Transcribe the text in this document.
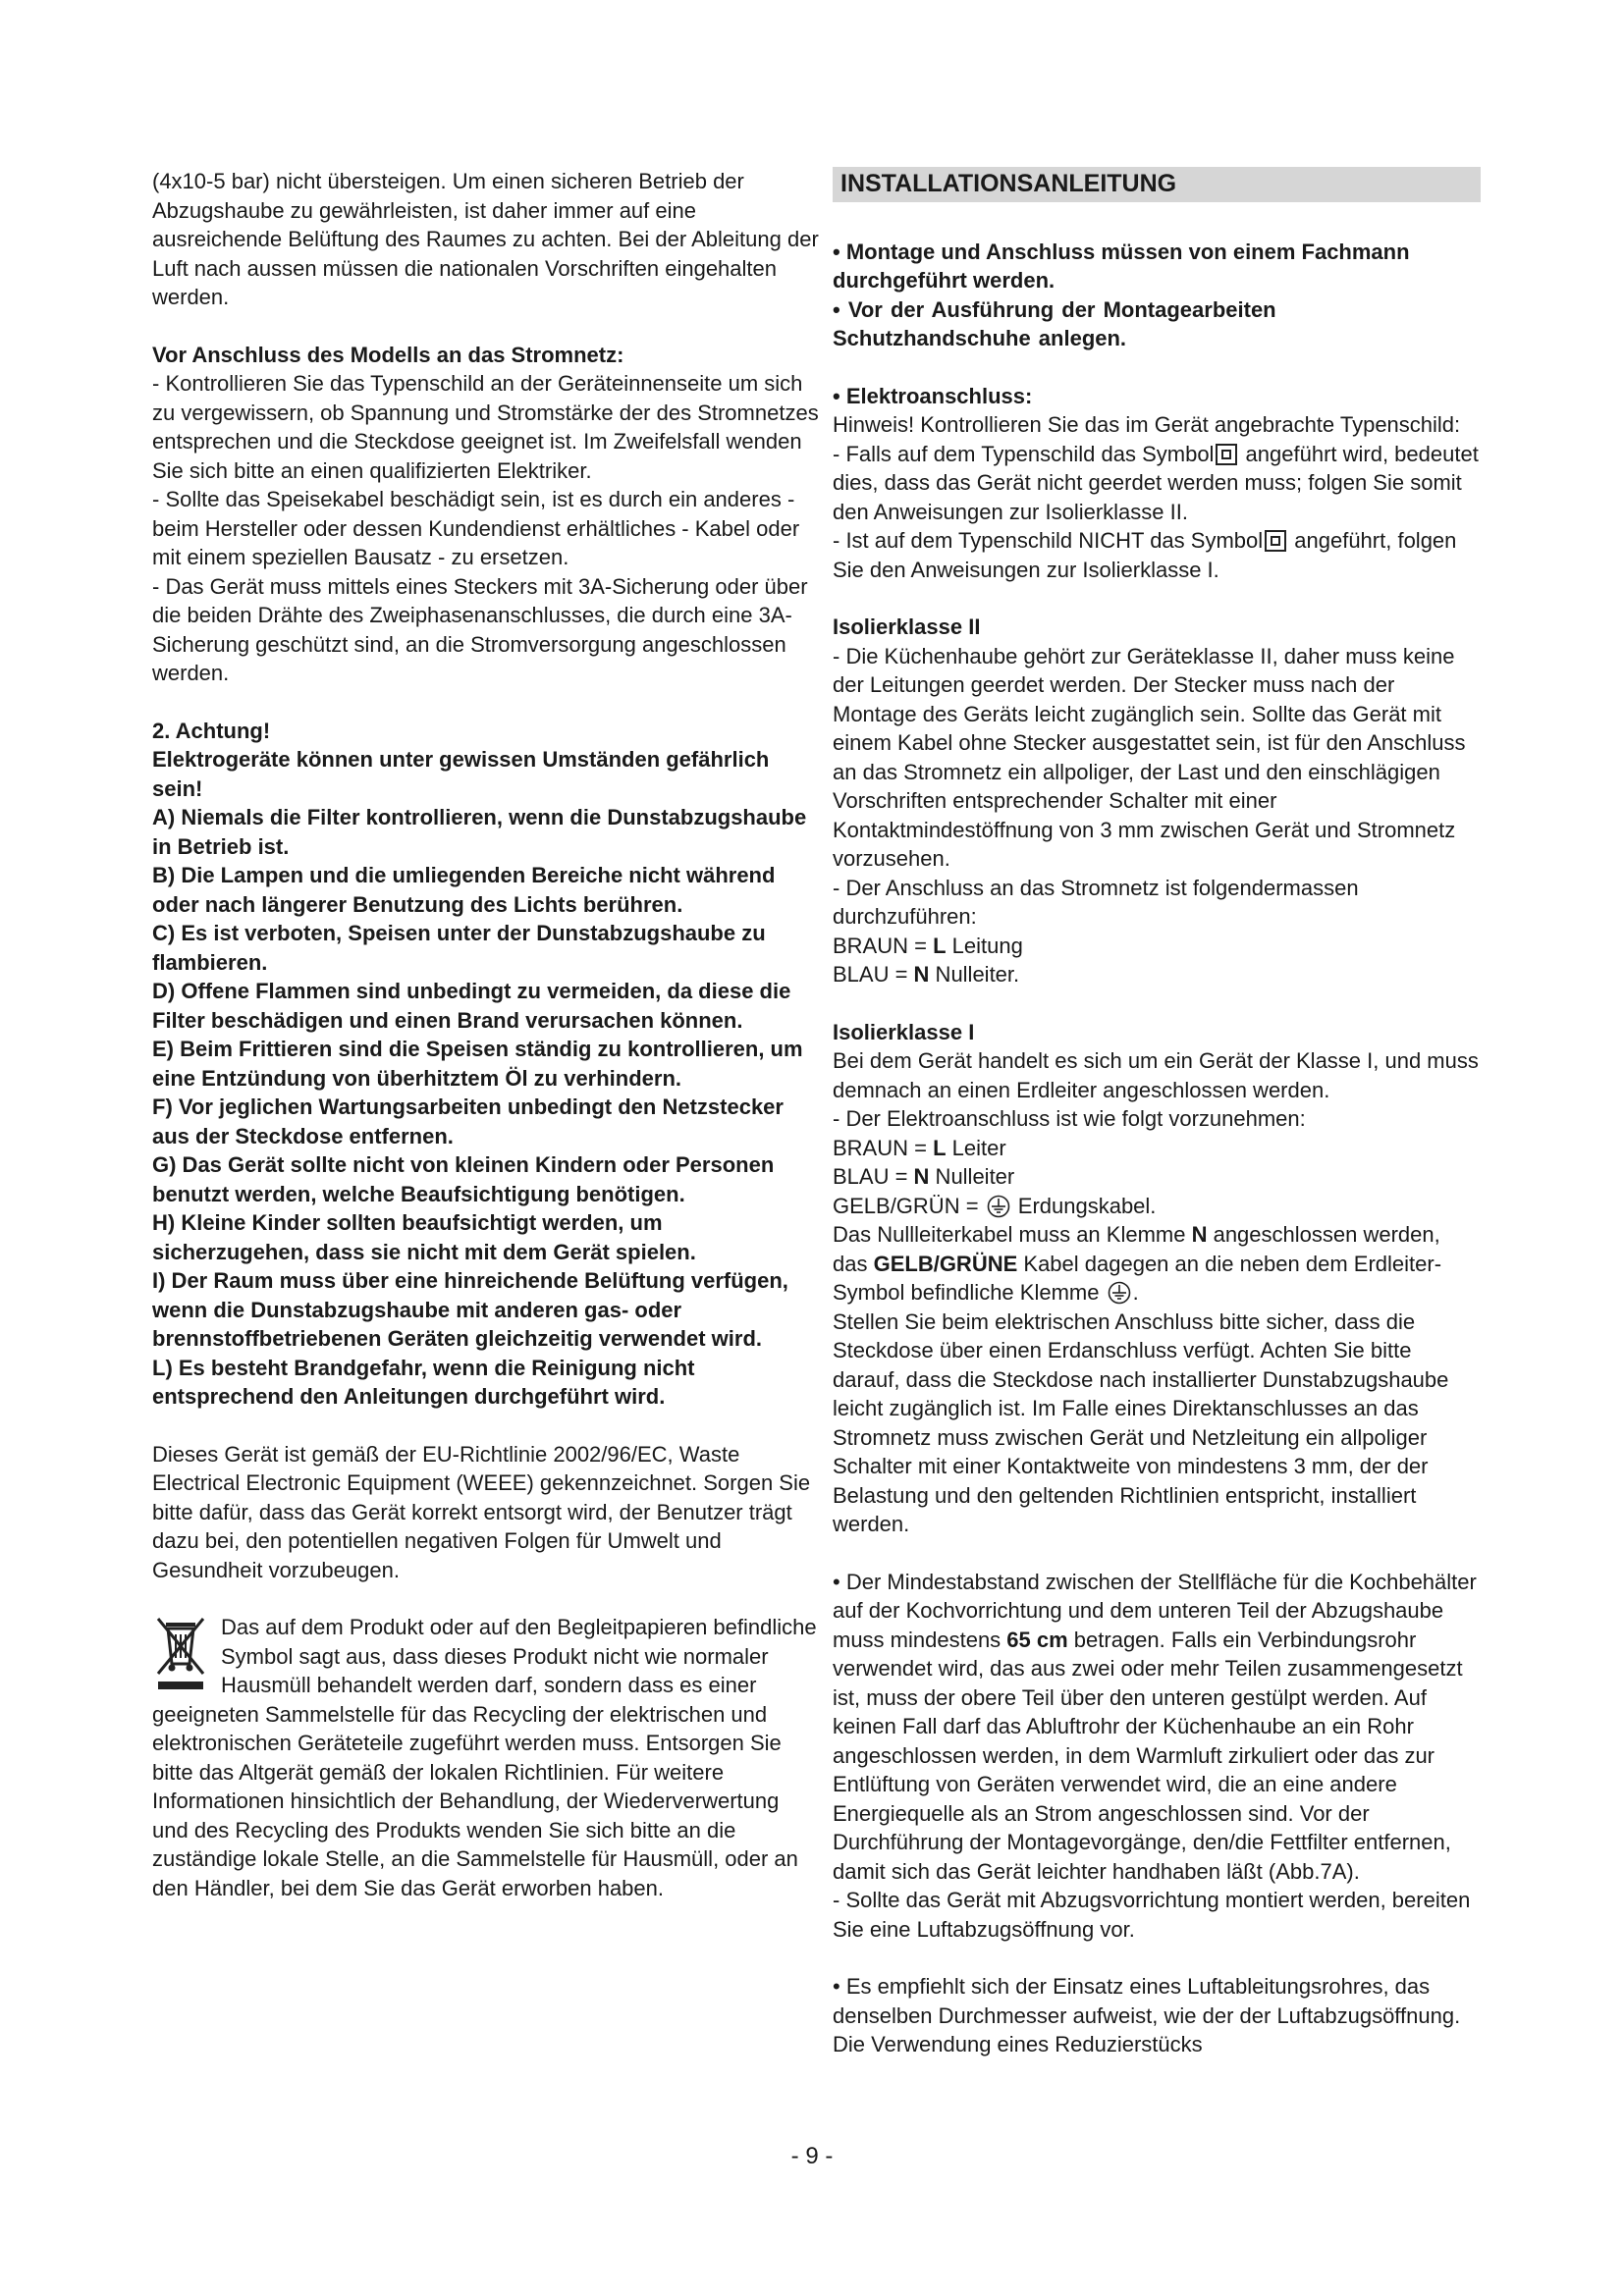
(4x10-5 bar) nicht übersteigen. Um einen sicheren Betrieb der Abzugshaube zu gewährleisten, ist daher immer auf eine ausreichende Belüftung des Raumes zu achten. Bei der Ableitung der Luft nach aussen müssen die nationalen Vorschriften eingehalten werden.

Vor Anschluss des Modells an das Stromnetz:

- Kontrollieren Sie das Typenschild an der Geräteinnenseite um sich zu vergewissern, ob Spannung und Stromstärke der des Stromnetzes entsprechen und die Steckdose geeignet ist. Im Zweifelsfall wenden Sie sich bitte an einen qualifizierten Elektriker.

- Sollte das Speisekabel beschädigt sein, ist es durch ein anderes - beim Hersteller oder dessen Kundendienst erhältliches - Kabel oder mit einem speziellen Bausatz - zu ersetzen.

- Das Gerät muss mittels eines Steckers mit 3A-Sicherung oder über die beiden Drähte des Zweiphasenanschlusses, die durch eine 3A-Sicherung geschützt sind, an die Stromversorgung angeschlossen werden.

2. Achtung!

Elektrogeräte können unter gewissen Umständen gefährlich sein!

A) Niemals die Filter kontrollieren, wenn die Dunstabzugshaube in Betrieb ist.

B) Die Lampen und die umliegenden Bereiche nicht während oder nach längerer Benutzung des Lichts berühren.

C) Es ist verboten, Speisen unter der Dunstabzugshaube zu flambieren.

D) Offene Flammen sind unbedingt zu vermeiden, da diese die Filter beschädigen und einen Brand verursachen können.

E) Beim Frittieren sind die Speisen ständig zu kontrollieren, um eine Entzündung von überhitztem Öl zu verhindern.

F) Vor jeglichen Wartungsarbeiten unbedingt den Netzstecker aus der Steckdose entfernen.

G) Das Gerät sollte nicht von kleinen Kindern oder Personen benutzt werden, welche Beaufsichtigung benötigen.

H) Kleine Kinder sollten beaufsichtigt werden, um sicherzugehen, dass sie nicht mit dem Gerät spielen.

I) Der Raum muss über eine hinreichende Belüftung verfügen, wenn die Dunstabzugshaube mit anderen gas- oder brennstoffbetriebenen Geräten gleichzeitig verwendet wird.

L) Es besteht Brandgefahr, wenn die Reinigung nicht entsprechend den Anleitungen durchgeführt wird.

Dieses Gerät ist gemäß der EU-Richtlinie 2002/96/EC, Waste Electrical Electronic Equipment (WEEE) gekennzeichnet. Sorgen Sie bitte dafür, dass das Gerät korrekt entsorgt wird, der Benutzer trägt dazu bei, den potentiellen negativen Folgen für Umwelt und Gesundheit vorzubeugen.

Das auf dem Produkt oder auf den Begleitpapieren befindliche Symbol sagt aus, dass dieses Produkt nicht wie normaler Hausmüll behandelt werden darf, sondern dass es einer geeigneten Sammelstelle für das Recycling der elektrischen und elektronischen Geräteteile zugeführt werden muss. Entsorgen Sie bitte das Altgerät gemäß der lokalen Richtlinien. Für weitere Informationen hinsichtlich der Behandlung, der Wiederverwertung und des Recycling des Produkts wenden Sie sich bitte an die zuständige lokale Stelle, an die Sammelstelle für Hausmüll, oder an den Händler, bei dem Sie das Gerät erworben haben.

INSTALLATIONSANLEITUNG

• Montage und Anschluss müssen von einem Fachmann durchgeführt werden.

• Vor der Ausführung der Montagearbeiten Schutzhandschuhe anlegen.

• Elektroanschluss:

Hinweis! Kontrollieren Sie das im Gerät angebrachte Typenschild:

- Falls auf dem Typenschild das Symbol angeführt wird, bedeutet dies, dass das Gerät nicht geerdet werden muss; folgen Sie somit den Anweisungen zur Isolierklasse II.

- Ist auf dem Typenschild NICHT das Symbol angeführt, folgen Sie den Anweisungen zur Isolierklasse I.

Isolierklasse II

- Die Küchenhaube gehört zur Geräteklasse II, daher muss keine der Leitungen geerdet werden. Der Stecker muss nach der Montage des Geräts leicht zugänglich sein. Sollte das Gerät mit einem Kabel ohne Stecker ausgestattet sein, ist für den Anschluss an das Stromnetz ein allpoliger, der Last und den einschlägigen Vorschriften entsprechender Schalter mit einer Kontaktmindestöffnung von 3 mm zwischen Gerät und Stromnetz vorzusehen.

- Der Anschluss an das Stromnetz ist folgendermassen durchzuführen:

BRAUN = L Leitung

BLAU = N Nulleiter.

Isolierklasse I

Bei dem Gerät handelt es sich um ein Gerät der Klasse I, und muss demnach an einen Erdleiter angeschlossen werden.

- Der Elektroanschluss ist wie folgt vorzunehmen:

BRAUN = L Leiter

BLAU = N Nulleiter

GELB/GRÜN =  Erdungskabel.

Das Nullleiterkabel muss an Klemme N angeschlossen werden, das GELB/GRÜNE Kabel dagegen an die neben dem Erdleiter-Symbol befindliche Klemme .

Stellen Sie beim elektrischen Anschluss bitte sicher, dass die Steckdose über einen Erdanschluss verfügt. Achten Sie bitte darauf, dass die Steckdose nach installierter Dunstabzugshaube leicht zugänglich ist. Im Falle eines Direktanschlusses an das Stromnetz muss zwischen Gerät und Netzleitung ein allpoliger Schalter mit einer Kontaktweite von mindestens 3 mm, der der Belastung und den geltenden Richtlinien entspricht, installiert werden.

• Der Mindestabstand zwischen der Stellfläche für die Kochbehälter auf der Kochvorrichtung und dem unteren Teil der Abzugshaube muss mindestens 65 cm betragen. Falls ein Verbindungsrohr verwendet wird, das aus zwei oder mehr Teilen zusammengesetzt ist, muss der obere Teil über den unteren gestülpt werden. Auf keinen Fall darf das Abluftrohr der Küchenhaube an ein Rohr angeschlossen werden, in dem Warmluft zirkuliert oder das zur Entlüftung von Geräten verwendet wird, die an eine andere Energiequelle als an Strom angeschlossen sind. Vor der Durchführung der Montagevorgänge, den/die Fettfilter entfernen, damit sich das Gerät leichter handhaben läßt (Abb.7A).

- Sollte das Gerät mit Abzugsvorrichtung montiert werden, bereiten Sie eine Luftabzugsöffnung vor.

• Es empfiehlt sich der Einsatz eines Luftableitungsrohres, das denselben Durchmesser aufweist, wie der der Luftabzugsöffnung. Die Verwendung eines Reduzierstücks

- 9 -
